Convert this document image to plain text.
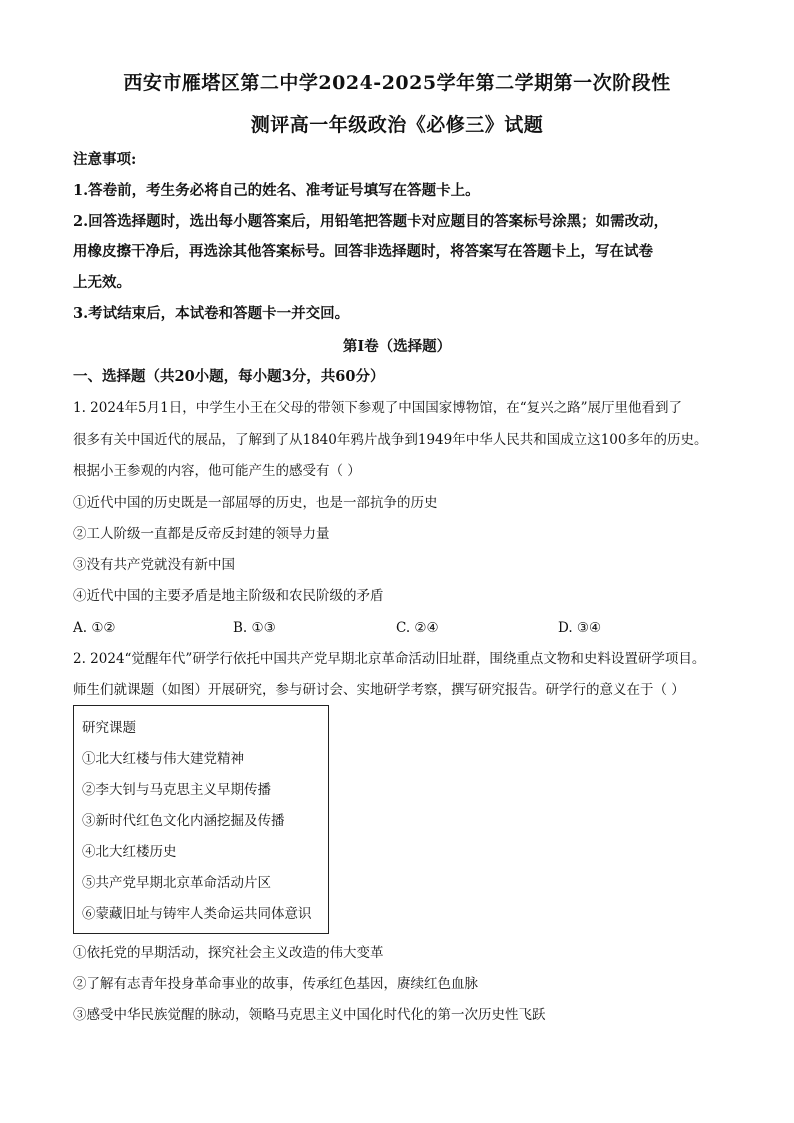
西安市雁塔区第二中学2024-2025学年第二学期第一次阶段性
测评高一年级政治《必修三》试题
注意事项:
1.答卷前，考生务必将自己的姓名、准考证号填写在答题卡上。
2.回答选择题时，选出每小题答案后，用铅笔把答题卡对应题目的答案标号涂黑；如需改动，
用橡皮擦干净后，再选涂其他答案标号。回答非选择题时，将答案写在答题卡上，写在试卷
上无效。
3.考试结束后，本试卷和答题卡一并交回。
第Ⅰ卷（选择题）
一、选择题（共20小题，每小题3分，共60分）
1. 2024年5月1日，中学生小王在父母的带领下参观了中国国家博物馆，在“复兴之路”展厅里他看到了
很多有关中国近代的展品，了解到了从1840年鸦片战争到1949年中华人民共和国成立这100多年的历史。
根据小王参观的内容，他可能产生的感受有（ ）
①近代中国的历史既是一部屈辱的历史，也是一部抗争的历史
②工人阶级一直都是反帝反封建的领导力量
③没有共产党就没有新中国
④近代中国的主要矛盾是地主阶级和农民阶级的矛盾
A. ①②	B. ①③	C. ②④	D. ③④
2. 2024“觉醒年代”研学行依托中国共产党早期北京革命活动旧址群，围绕重点文物和史料设置研学项目。
师生们就课题（如图）开展研究，参与研讨会、实地研学考察，撰写研究报告。研学行的意义在于（ ）
研究课题
①北大红楼与伟大建党精神
②李大钊与马克思主义早期传播
③新时代红色文化内涵挖掘及传播
④北大红楼历史
⑤共产党早期北京革命活动片区
⑥蒙藏旧址与铸牢人类命运共同体意识
①依托党的早期活动，探究社会主义改造的伟大变革
②了解有志青年投身革命事业的故事，传承红色基因，赓续红色血脉
③感受中华民族觉醒的脉动，领略马克思主义中国化时代化的第一次历史性飞跃
